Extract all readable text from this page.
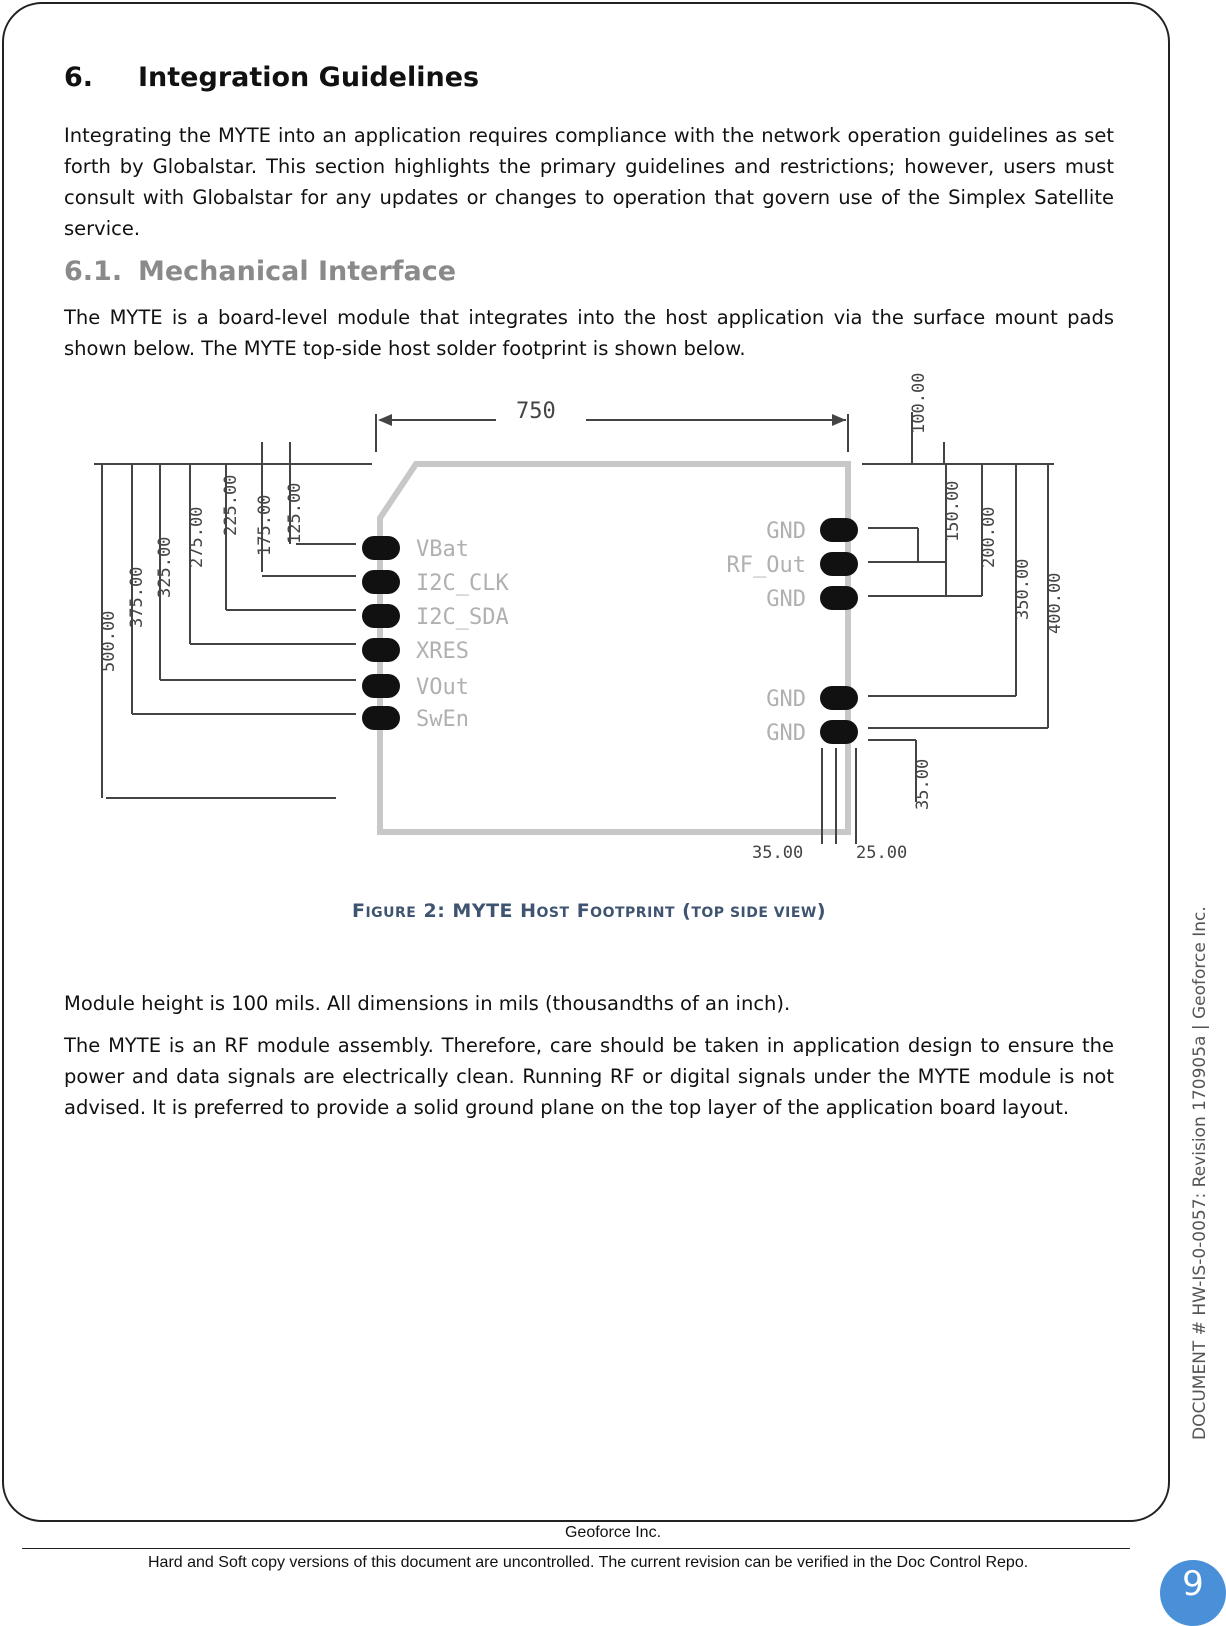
6. Integration Guidelines

Integrating the MYTE into an application requires compliance with the network operation guidelines as set forth by Globalstar. This section highlights the primary guidelines and restrictions; however, users must consult with Globalstar for any updates or changes to operation that govern use of the Simplex Satellite service.

6.1. Mechanical Interface

The MYTE is a board-level module that integrates into the host application via the surface mount pads shown below. The MYTE top-side host solder footprint is shown below.

750
VBat
I2C_CLK
I2C_SDA
XRES
VOut
SwEn
GND
RF_Out
GND
GND
GND
500.00
375.00 325.00 275.00
225.00 175.00 125.00
100.00
150.00 200.00
350.00 400.00
35.00
35.00	25.00
FIGURE 2: MYTE HOST FOOTPRINT (TOP SIDE VIEW)

Module height is 100 mils. All dimensions in mils (thousandths of an inch).

The MYTE is an RF module assembly. Therefore, care should be taken in application design to ensure the power and data signals are electrically clean. Running RF or digital signals under the MYTE module is not advised. It is preferred to provide a solid ground plane on the top layer of the application board layout.

Geoforce Inc.
Hard and Soft copy versions of this document are uncontrolled. The current revision can be verified in the Doc Control Repo.
DOCUMENT # HW-IS-0-0057: Revision 170905a | Geoforce Inc.
9
